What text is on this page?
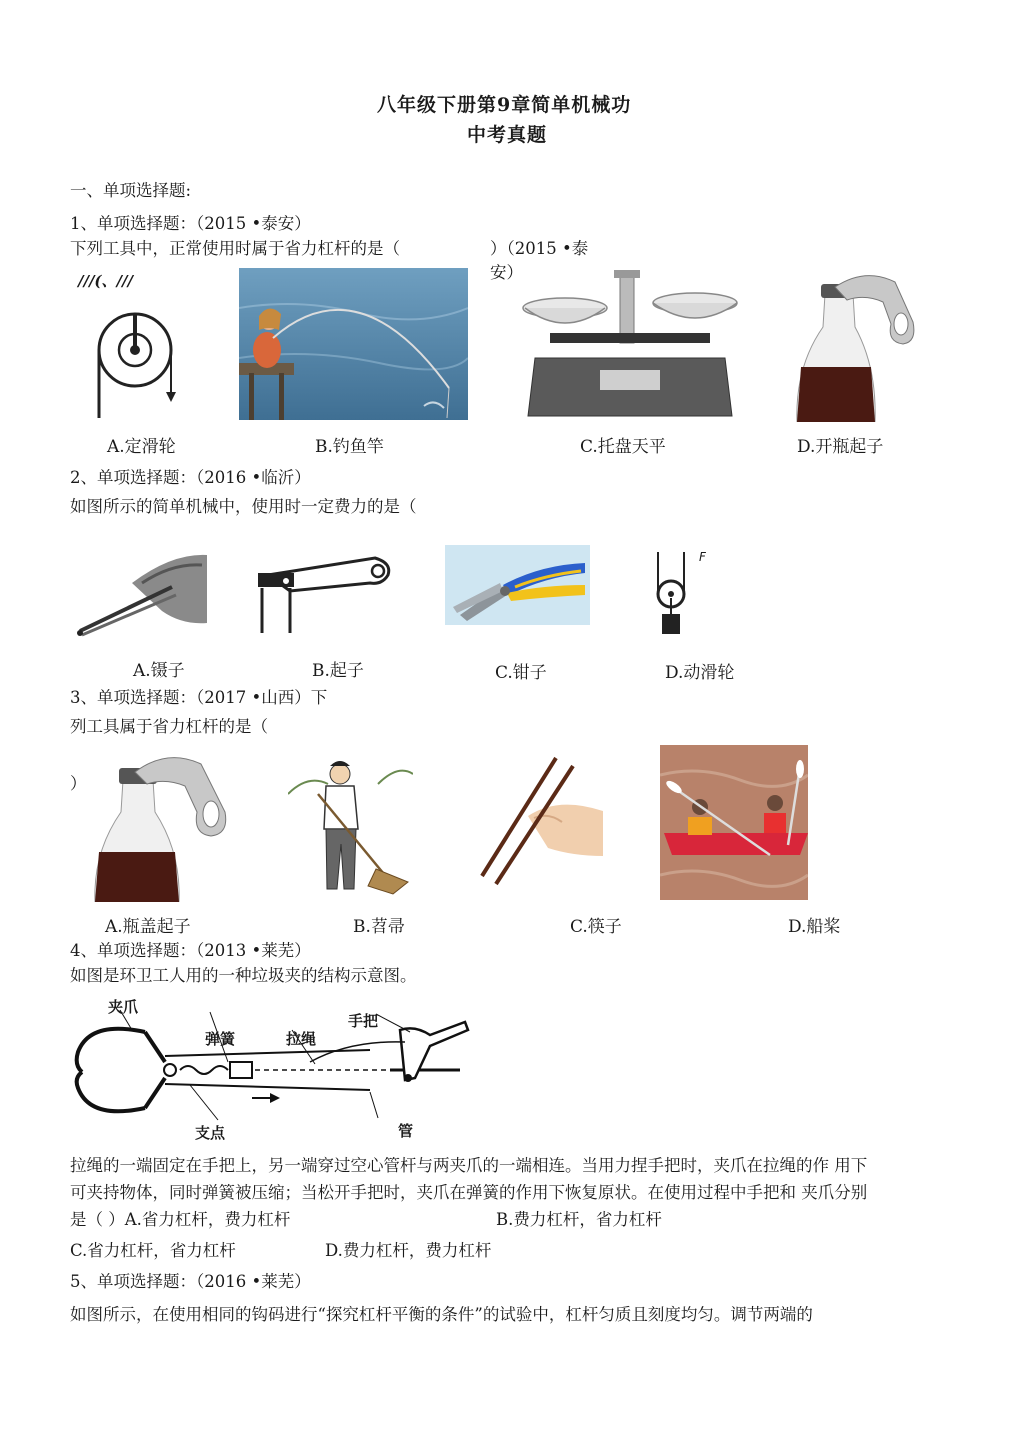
八年级下册第9章简单机械功
中考真题
一、单项选择题:
1、单项选择题：（2015 •泰安）
下列工具中，正常使用时属于省力杠杆的是（	）（2015 •泰
安）
///(、///
A.定滑轮	B.钓鱼竿	C.托盘天平	D.开瓶起子
2、单项选择题：（2016 •临沂）
如图所示的简单机械中，使用时一定费力的是（
F
A.镊子	B.起子	C.钳子	D.动滑轮
3、单项选择题：（2017 •山西）下
列工具属于省力杠杆的是（
）
A.瓶盖起子	B.苕帚	C.筷子	D.船桨
4、单项选择题：（2013 •莱芜）
如图是环卫工人用的一种垃圾夹的结构示意图。
夹爪
弹簧	拉绳
手把
支点	管
拉绳的一端固定在手把上，另一端穿过空心管杆与两夹爪的一端相连。当用力捏手把时，夹爪在拉绳的作 用下
可夹持物体，同时弹簧被压缩；当松开手把时，夹爪在弹簧的作用下恢复原状。在使用过程中手把和 夹爪分别
是（ ）A.省力杠杆，费力杠杆	B.费力杠杆，省力杠杆
C.省力杠杆，省力杠杆	D.费力杠杆，费力杠杆
5、单项选择题：（2016 •莱芜）
如图所示，在使用相同的钩码进行“探究杠杆平衡的条件”的试验中，杠杆匀质且刻度均匀。调节两端的
